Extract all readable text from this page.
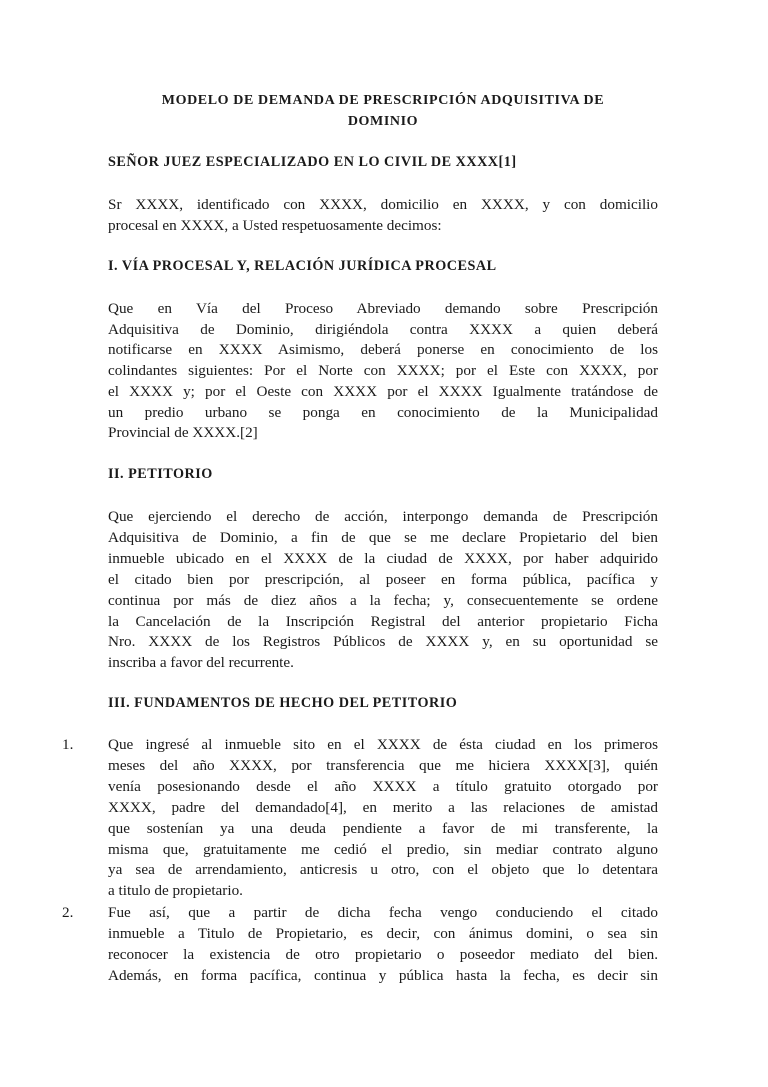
MODELO DE DEMANDA DE PRESCRIPCIÓN ADQUISITIVA DE
DOMINIO
SEÑOR JUEZ ESPECIALIZADO EN LO CIVIL DE XXXX[1]
I. VÍA PROCESAL Y, RELACIÓN JURÍDICA PROCESAL
II. PETITORIO
III. FUNDAMENTOS DE HECHO DEL PETITORIO
1.
2.
Sr XXXX, identificado con XXXX, domicilio en XXXX, y con domicilio
procesal en XXXX, a Usted respetuosamente decimos:
Que en Vía del Proceso Abreviado demando sobre Prescripción
Adquisitiva de Dominio, dirigiéndola contra XXXX a quien deberá
notificarse en XXXX Asimismo, deberá ponerse en conocimiento de los
colindantes siguientes: Por el Norte con XXXX; por el Este con XXXX, por
el XXXX y; por el Oeste con XXXX por el XXXX Igualmente tratándose de
un predio urbano se ponga en conocimiento de la Municipalidad
Provincial de XXXX.[2]
Que ejerciendo el derecho de acción, interpongo demanda de Prescripción
Adquisitiva de Dominio, a fin de que se me declare Propietario del bien
inmueble ubicado en el XXXX de la ciudad de XXXX, por haber adquirido
el citado bien por prescripción, al poseer en forma pública, pacífica y
continua por más de diez años a la fecha; y, consecuentemente se ordene
la Cancelación de la Inscripción Registral del anterior propietario Ficha
Nro. XXXX de los Registros Públicos de XXXX y, en su oportunidad se
inscriba a favor del recurrente.
Que ingresé al inmueble sito en el XXXX de ésta ciudad en los primeros
meses del año XXXX, por transferencia que me hiciera XXXX[3], quién
venía posesionando desde el año XXXX a título gratuito otorgado por
XXXX, padre del demandado[4], en merito a las relaciones de amistad
que sostenían ya una deuda pendiente a favor de mi transferente, la
misma que, gratuitamente me cedió el predio, sin mediar contrato alguno
ya sea de arrendamiento, anticresis u otro, con el objeto que lo detentara
a titulo de propietario.
Fue así, que a partir de dicha fecha vengo conduciendo el citado
inmueble a Titulo de Propietario, es decir, con ánimus domini, o sea sin
reconocer la existencia de otro propietario o poseedor mediato del bien.
Además, en forma pacífica, continua y pública hasta la fecha, es decir sin
